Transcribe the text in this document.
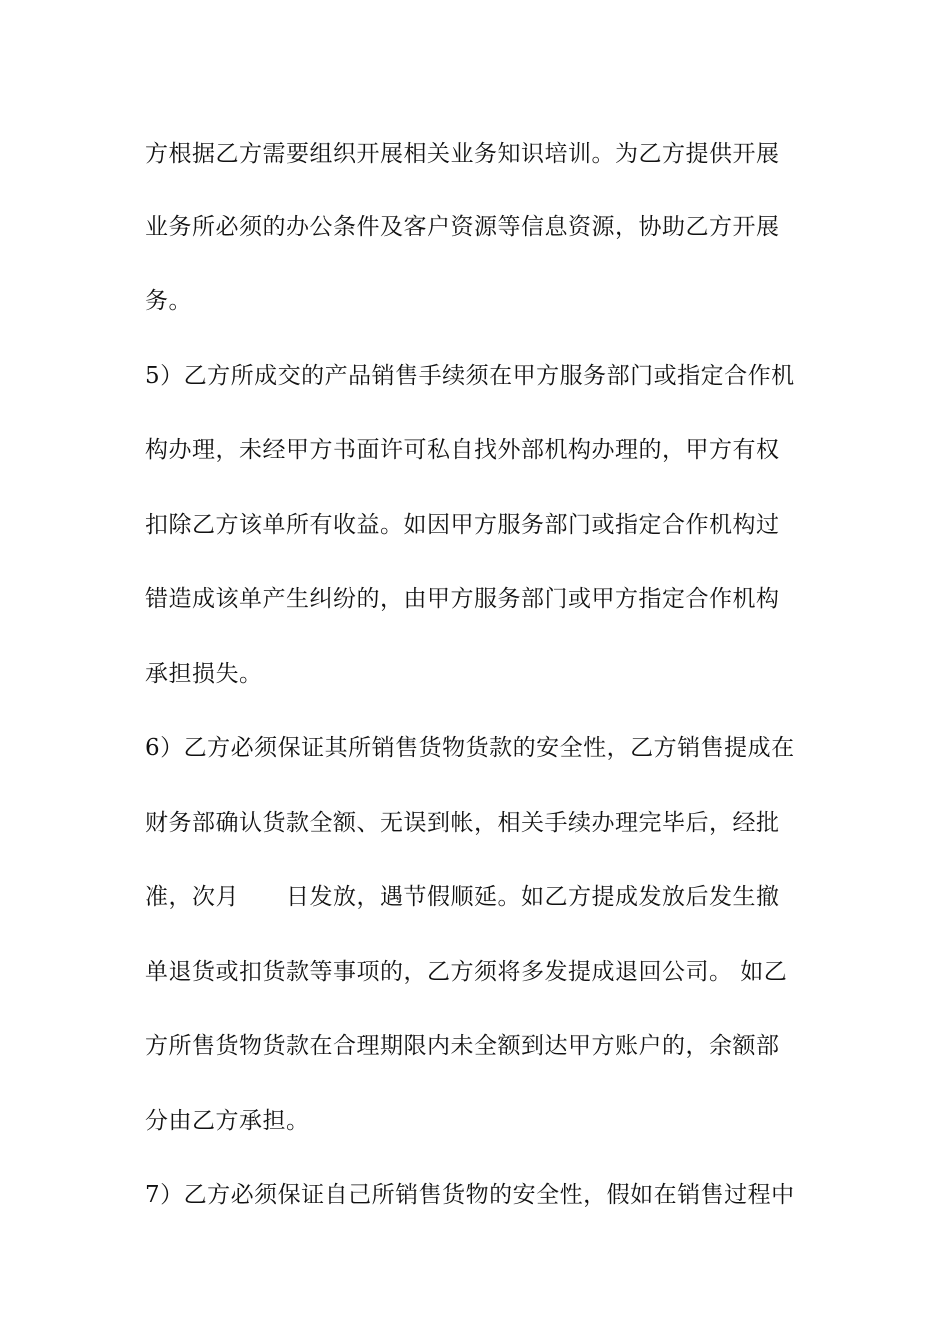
方根据乙方需要组织开展相关业务知识培训。为乙方提供开展
业务所必须的办公条件及客户资源等信息资源，协助乙方开展
务。
5）乙方所成交的产品销售手续须在甲方服务部门或指定合作机
构办理，未经甲方书面许可私自找外部机构办理的，甲方有权
扣除乙方该单所有收益。如因甲方服务部门或指定合作机构过
错造成该单产生纠纷的，由甲方服务部门或甲方指定合作机构
承担损失。
6）乙方必须保证其所销售货物货款的安全性，乙方销售提成在
财务部确认货款全额、无误到帐，相关手续办理完毕后，经批
准，次月　　日发放，遇节假顺延。如乙方提成发放后发生撤
单退货或扣货款等事项的，乙方须将多发提成退回公司。 如乙
方所售货物货款在合理期限内未全额到达甲方账户的，余额部
分由乙方承担。
7）乙方必须保证自己所销售货物的安全性，假如在销售过程中
